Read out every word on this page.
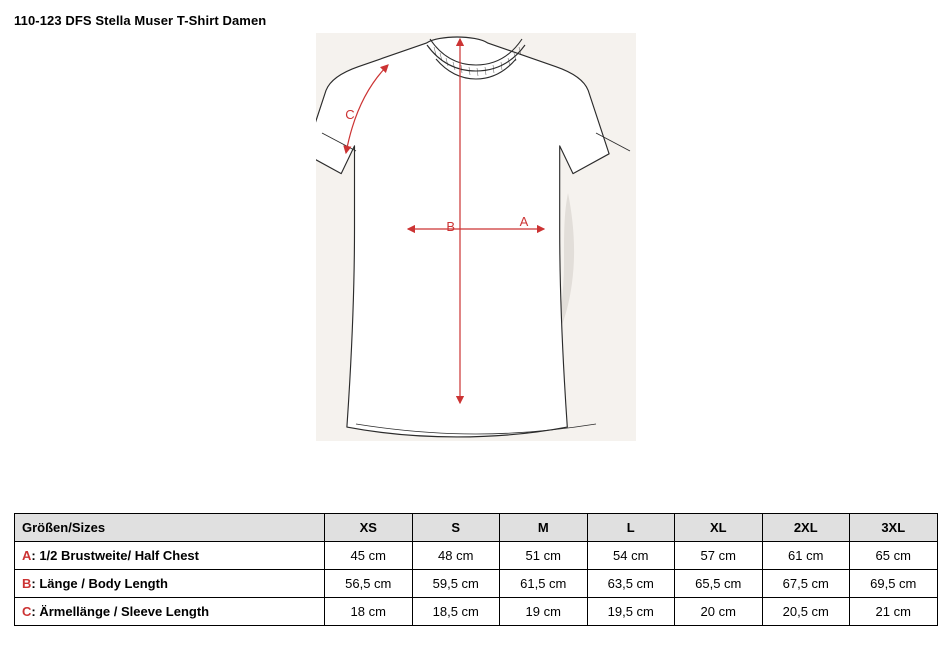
110-123 DFS Stella Muser T-Shirt Damen
A
B
C
Größen/Sizes	XS	S	M	L	XL	2XL	3XL
A: 1/2 Brustweite/ Half Chest	45 cm	48 cm	51 cm	54 cm	57 cm	61 cm	65 cm
B: Länge / Body Length	56,5 cm	59,5 cm	61,5 cm	63,5 cm	65,5 cm	67,5 cm	69,5 cm
C: Ärmellänge / Sleeve Length	18 cm	18,5 cm	19 cm	19,5 cm	20 cm	20,5 cm	21 cm
